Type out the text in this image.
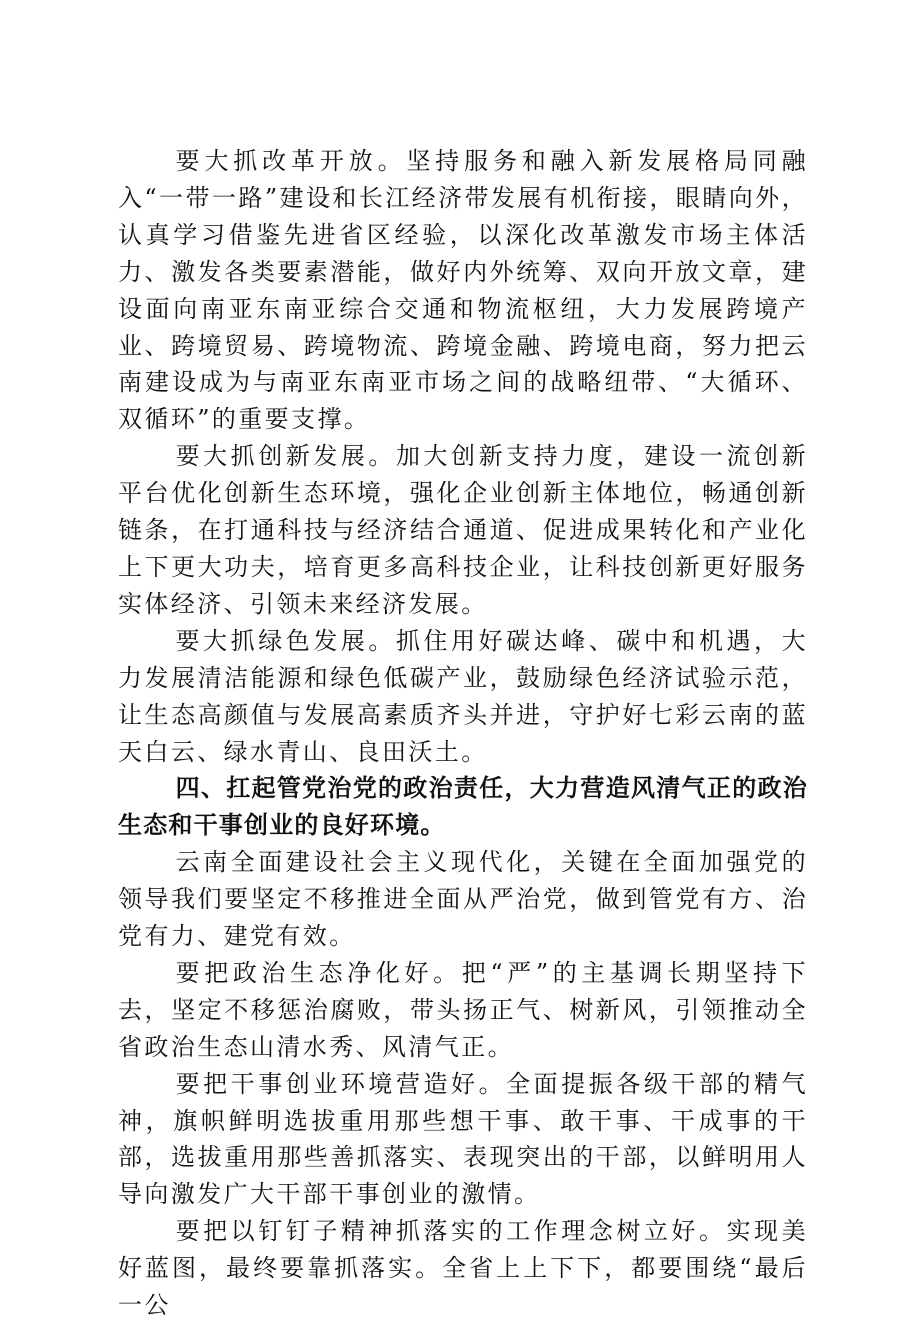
要大抓改革开放。坚持服务和融入新发展格局同融入“一带一路”建设和长江经济带发展有机衔接，眼睛向外，认真学习借鉴先进省区经验，以深化改革激发市场主体活力、激发各类要素潜能，做好内外统筹、双向开放文章，建设面向南亚东南亚综合交通和物流枢纽，大力发展跨境产业、跨境贸易、跨境物流、跨境金融、跨境电商，努力把云南建设成为与南亚东南亚市场之间的战略纽带、“大循环、双循环”的重要支撑。

要大抓创新发展。加大创新支持力度，建设一流创新平台优化创新生态环境，强化企业创新主体地位，畅通创新链条，在打通科技与经济结合通道、促进成果转化和产业化上下更大功夫，培育更多高科技企业，让科技创新更好服务实体经济、引领未来经济发展。

要大抓绿色发展。抓住用好碳达峰、碳中和机遇，大力发展清洁能源和绿色低碳产业，鼓励绿色经济试验示范，让生态高颜值与发展高素质齐头并进，守护好七彩云南的蓝天白云、绿水青山、良田沃土。

四、扛起管党治党的政治责任，大力营造风清气正的政治生态和干事创业的良好环境。

云南全面建设社会主义现代化，关键在全面加强党的领导我们要坚定不移推进全面从严治党，做到管党有方、治党有力、建党有效。

要把政治生态净化好。把“严”的主基调长期坚持下去，坚定不移惩治腐败，带头扬正气、树新风，引领推动全省政治生态山清水秀、风清气正。

要把干事创业环境营造好。全面提振各级干部的精气神，旗帜鲜明选拔重用那些想干事、敢干事、干成事的干部，选拔重用那些善抓落实、表现突出的干部，以鲜明用人导向激发广大干部干事创业的激情。

要把以钉钉子精神抓落实的工作理念树立好。实现美好蓝图，最终要靠抓落实。全省上上下下，都要围绕“最后一公
